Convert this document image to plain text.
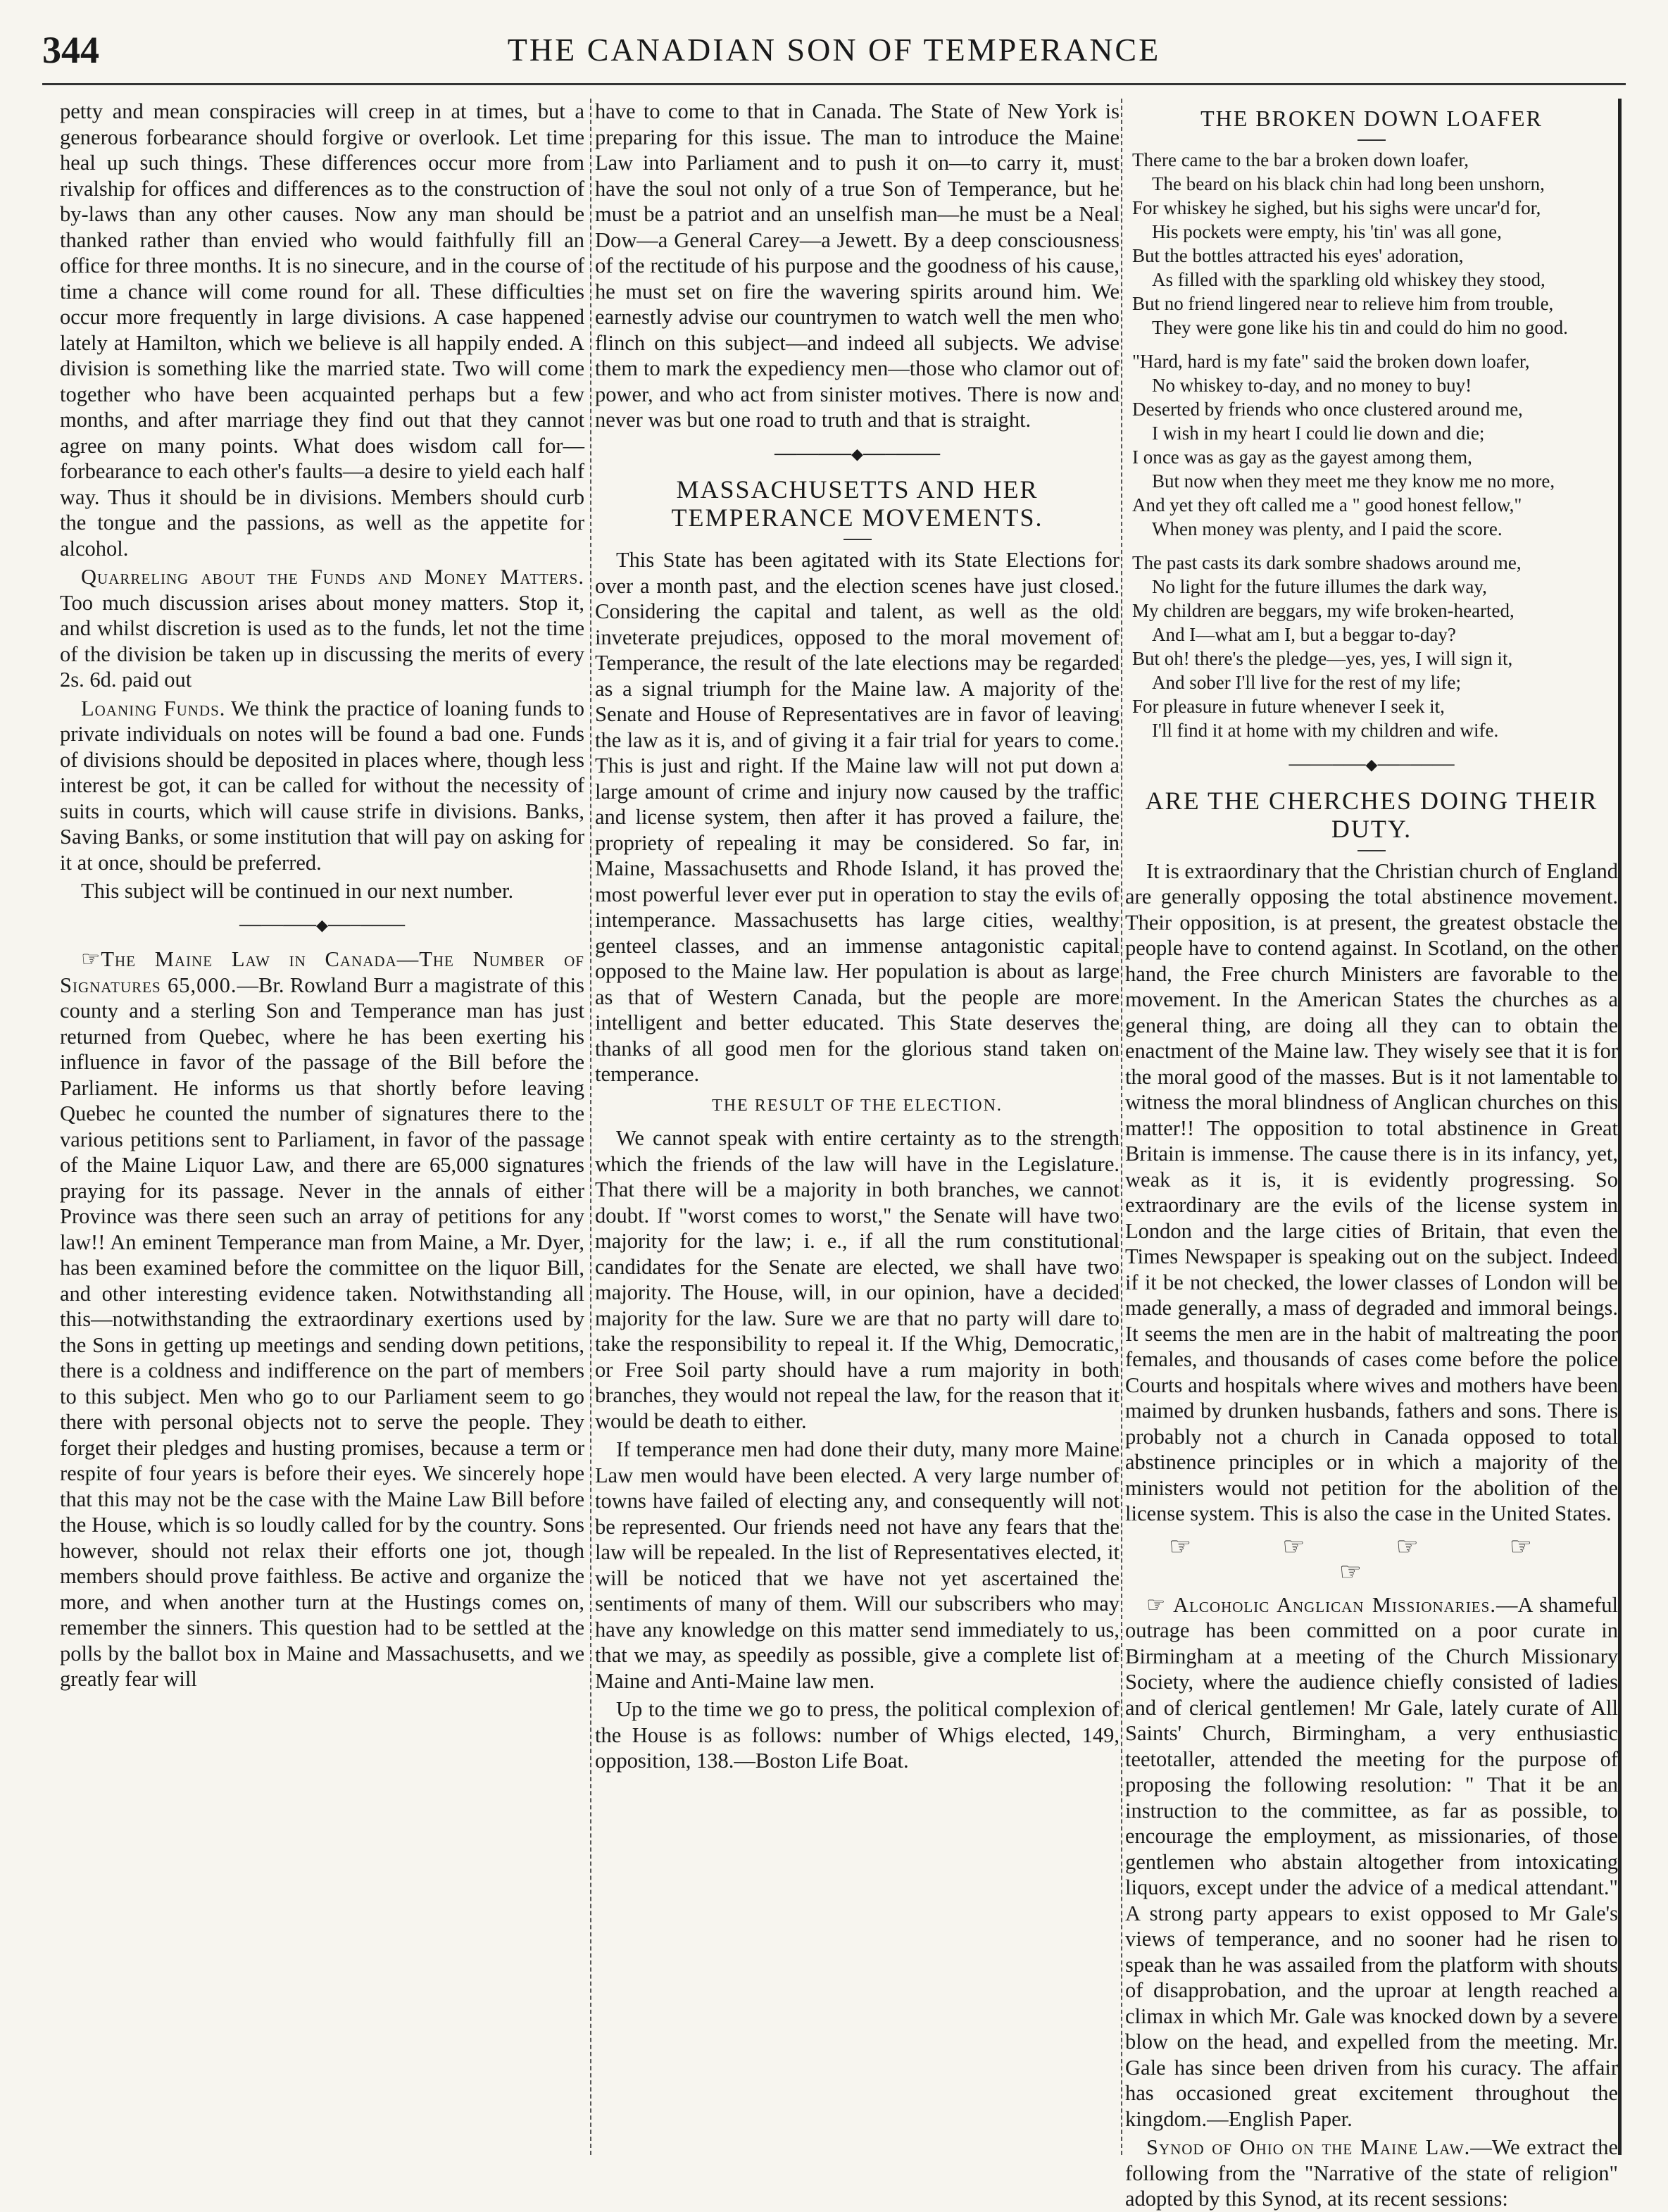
344	THE CANADIAN SON OF TEMPERANCE

petty and mean conspiracies will creep in at times, but a generous forbearance should forgive or overlook. Let time heal up such things. These differences occur more from rivalship for offices and differences as to the construction of by-laws than any other causes. Now any man should be thanked rather than envied who would faithfully fill an office for three months. It is no sinecure, and in the course of time a chance will come round for all. These difficulties occur more frequently in large divisions. A case happened lately at Hamilton, which we believe is all happily ended. A division is something like the married state. Two will come together who have been acquainted perhaps but a few months, and after marriage they find out that they cannot agree on many points. What does wisdom call for—forbearance to each other's faults—a desire to yield each half way. Thus it should be in divisions. Members should curb the tongue and the passions, as well as the appetite for alcohol.

Quarreling about the Funds and Money Matters. Too much discussion arises about money matters. Stop it, and whilst discretion is used as to the funds, let not the time of the division be taken up in discussing the merits of every 2s. 6d. paid out

Loaning Funds. We think the practice of loaning funds to private individuals on notes will be found a bad one. Funds of divisions should be deposited in places where, though less interest be got, it can be called for without the necessity of suits in courts, which will cause strife in divisions. Banks, Saving Banks, or some institution that will pay on asking for it at once, should be preferred.

This subject will be continued in our next number.

───────◆───────

☞The Maine Law in Canada—The Number of Signatures 65,000.—Br. Rowland Burr a magistrate of this county and a sterling Son and Temperance man has just returned from Quebec, where he has been exerting his influence in favor of the passage of the Bill before the Parliament. He informs us that shortly before leaving Quebec he counted the number of signatures there to the various petitions sent to Parliament, in favor of the passage of the Maine Liquor Law, and there are 65,000 signatures praying for its passage. Never in the annals of either Province was there seen such an array of petitions for any law!! An eminent Temperance man from Maine, a Mr. Dyer, has been examined before the committee on the liquor Bill, and other interesting evidence taken. Notwithstanding all this—notwithstanding the extraordinary exertions used by the Sons in getting up meetings and sending down petitions, there is a coldness and indifference on the part of members to this subject. Men who go to our Parliament seem to go there with personal objects not to serve the people. They forget their pledges and husting promises, because a term or respite of four years is before their eyes. We sincerely hope that this may not be the case with the Maine Law Bill before the House, which is so loudly called for by the country. Sons however, should not relax their efforts one jot, though members should prove faithless. Be active and organize the more, and when another turn at the Hustings comes on, remember the sinners. This question had to be settled at the polls by the ballot box in Maine and Massachusetts, and we greatly fear will

have to come to that in Canada. The State of New York is preparing for this issue. The man to introduce the Maine Law into Parliament and to push it on—to carry it, must have the soul not only of a true Son of Temperance, but he must be a patriot and an unselfish man—he must be a Neal Dow—a General Carey—a Jewett. By a deep consciousness of the rectitude of his purpose and the goodness of his cause, he must set on fire the wavering spirits around him. We earnestly advise our countrymen to watch well the men who flinch on this subject—and indeed all subjects. We advise them to mark the expediency men—those who clamor out of power, and who act from sinister motives. There is now and never was but one road to truth and that is straight.

───────◆───────
MASSACHUSETTS AND HER TEMPERANCE MOVEMENTS.

This State has been agitated with its State Elections for over a month past, and the election scenes have just closed. Considering the capital and talent, as well as the old inveterate prejudices, opposed to the moral movement of Temperance, the result of the late elections may be regarded as a signal triumph for the Maine law. A majority of the Senate and House of Representatives are in favor of leaving the law as it is, and of giving it a fair trial for years to come. This is just and right. If the Maine law will not put down a large amount of crime and injury now caused by the traffic and license system, then after it has proved a failure, the propriety of repealing it may be considered. So far, in Maine, Massachusetts and Rhode Island, it has proved the most powerful lever ever put in operation to stay the evils of intemperance. Massachusetts has large cities, wealthy genteel classes, and an immense antagonistic capital opposed to the Maine law. Her population is about as large as that of Western Canada, but the people are more intelligent and better educated. This State deserves the thanks of all good men for the glorious stand taken on temperance.

THE RESULT OF THE ELECTION.

We cannot speak with entire certainty as to the strength which the friends of the law will have in the Legislature. That there will be a majority in both branches, we cannot doubt. If "worst comes to worst," the Senate will have two majority for the law; i. e., if all the rum constitutional candidates for the Senate are elected, we shall have two majority. The House, will, in our opinion, have a decided majority for the law. Sure we are that no party will dare to take the responsibility to repeal it. If the Whig, Democratic, or Free Soil party should have a rum majority in both branches, they would not repeal the law, for the reason that it would be death to either.

If temperance men had done their duty, many more Maine Law men would have been elected. A very large number of towns have failed of electing any, and consequently will not be represented. Our friends need not have any fears that the law will be repealed. In the list of Representatives elected, it will be noticed that we have not yet ascertained the sentiments of many of them. Will our subscribers who may have any knowledge on this matter send immediately to us, that we may, as speedily as possible, give a complete list of Maine and Anti-Maine law men.

Up to the time we go to press, the political complexion of the House is as follows: number of Whigs elected, 149, opposition, 138.—Boston Life Boat.

THE BROKEN DOWN LOAFER
There came to the bar a broken down loafer,
The beard on his black chin had long been unshorn,
For whiskey he sighed, but his sighs were uncar'd for,
His pockets were empty, his 'tin' was all gone,
But the bottles attracted his eyes' adoration,
As filled with the sparkling old whiskey they stood,
But no friend lingered near to relieve him from trouble,
They were gone like his tin and could do him no good.
"Hard, hard is my fate" said the broken down loafer,
No whiskey to-day, and no money to buy!
Deserted by friends who once clustered around me,
I wish in my heart I could lie down and die;
I once was as gay as the gayest among them,
But now when they meet me they know me no more,
And yet they oft called me a " good honest fellow,"
When money was plenty, and I paid the score.
The past casts its dark sombre shadows around me,
No light for the future illumes the dark way,
My children are beggars, my wife broken-hearted,
And I—what am I, but a beggar to-day?
But oh! there's the pledge—yes, yes, I will sign it,
And sober I'll live for the rest of my life;
For pleasure in future whenever I seek it,
I'll find it at home with my children and wife.
───────◆───────
ARE THE CHERCHES DOING THEIR DUTY.

It is extraordinary that the Christian church of England are generally opposing the total abstinence movement. Their opposition, is at present, the greatest obstacle the people have to contend against. In Scotland, on the other hand, the Free church Ministers are favorable to the movement. In the American States the churches as a general thing, are doing all they can to obtain the enactment of the Maine law. They wisely see that it is for the moral good of the masses. But is it not lamentable to witness the moral blindness of Anglican churches on this matter!! The opposition to total abstinence in Great Britain is immense. The cause there is in its infancy, yet, weak as it is, it is evidently progressing. So extraordinary are the evils of the license system in London and the large cities of Britain, that even the Times Newspaper is speaking out on the subject. Indeed if it be not checked, the lower classes of London will be made generally, a mass of degraded and immoral beings. It seems the men are in the habit of maltreating the poor females, and thousands of cases come before the police Courts and hospitals where wives and mothers have been maimed by drunken husbands, fathers and sons. There is probably not a church in Canada opposed to total abstinence principles or in which a majority of the ministers would not petition for the abolition of the license system. This is also the case in the United States.

☞ ☞ ☞ ☞ ☞

☞ Alcoholic Anglican Missionaries.—A shameful outrage has been committed on a poor curate in Birmingham at a meeting of the Church Missionary Society, where the audience chiefly consisted of ladies and of clerical gentlemen! Mr Gale, lately curate of All Saints' Church, Birmingham, a very enthusiastic teetotaller, attended the meeting for the purpose of proposing the following resolution: " That it be an instruction to the committee, as far as possible, to encourage the employment, as missionaries, of those gentlemen who abstain altogether from intoxicating liquors, except under the advice of a medical attendant." A strong party appears to exist opposed to Mr Gale's views of temperance, and no sooner had he risen to speak than he was assailed from the platform with shouts of disapprobation, and the uproar at length reached a climax in which Mr. Gale was knocked down by a severe blow on the head, and expelled from the meeting. Mr. Gale has since been driven from his curacy. The affair has occasioned great excitement throughout the kingdom.—English Paper.

Synod of Ohio on the Maine Law.—We extract the following from the "Narrative of the state of religion" adopted by this Synod, at its recent sessions:
